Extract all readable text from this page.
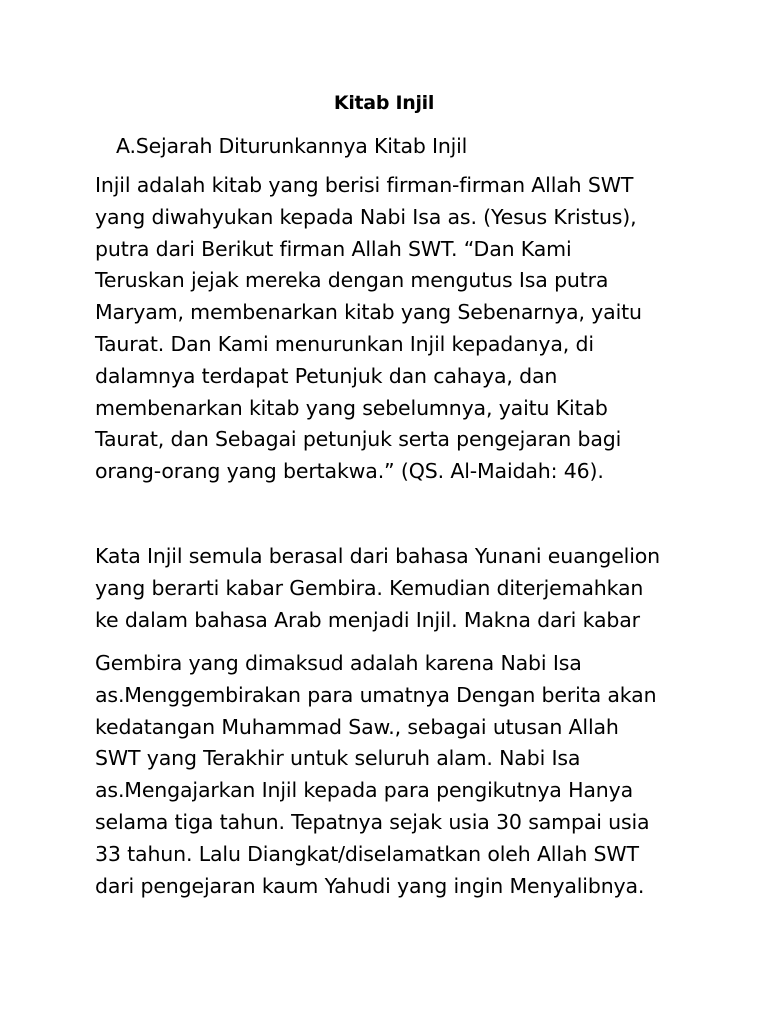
Kitab Injil
A.Sejarah Diturunkannya Kitab Injil
Injil adalah kitab yang berisi firman-firman Allah SWT
yang diwahyukan kepada Nabi Isa as. (Yesus Kristus),
putra dari Berikut firman Allah SWT. “Dan Kami
Teruskan jejak mereka dengan mengutus Isa putra
Maryam, membenarkan kitab yang Sebenarnya, yaitu
Taurat. Dan Kami menurunkan Injil kepadanya, di
dalamnya terdapat Petunjuk dan cahaya, dan
membenarkan kitab yang sebelumnya, yaitu Kitab
Taurat, dan Sebagai petunjuk serta pengejaran bagi
orang-orang yang bertakwa.” (QS. Al-Maidah: 46).
Kata Injil semula berasal dari bahasa Yunani euangelion
yang berarti kabar Gembira. Kemudian diterjemahkan
ke dalam bahasa Arab menjadi Injil. Makna dari kabar
Gembira yang dimaksud adalah karena Nabi Isa
as.Menggembirakan para umatnya Dengan berita akan
kedatangan Muhammad Saw., sebagai utusan Allah
SWT yang Terakhir untuk seluruh alam. Nabi Isa
as.Mengajarkan Injil kepada para pengikutnya Hanya
selama tiga tahun. Tepatnya sejak usia 30 sampai usia
33 tahun. Lalu Diangkat/diselamatkan oleh Allah SWT
dari pengejaran kaum Yahudi yang ingin Menyalibnya.
